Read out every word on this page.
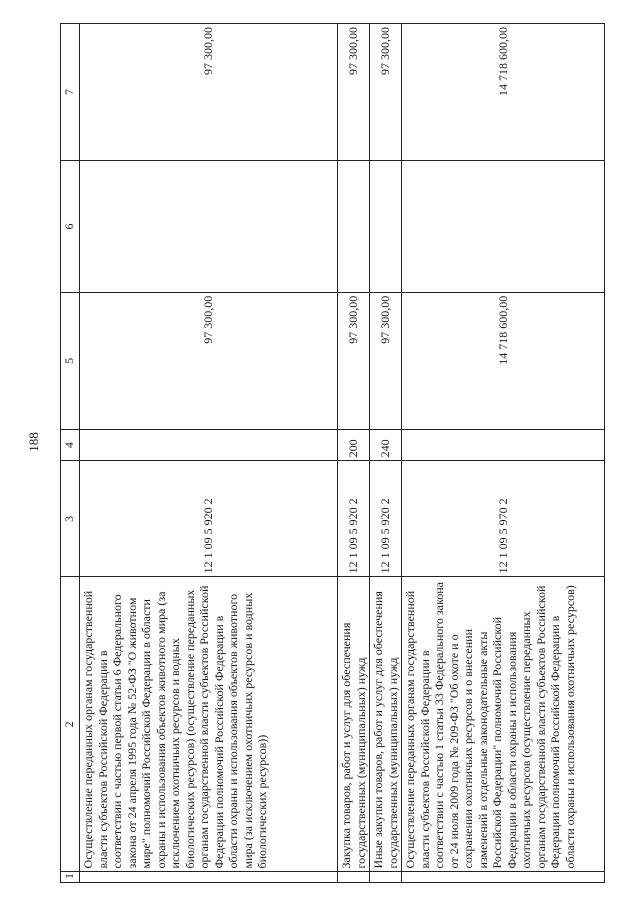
188
1	2	3	4	5	6	7
	Осуществление переданных органам государственной власти субъектов Российской Федерации в соответствии с частью первой статьи 6 Федерального закона от 24 апреля 1995 года № 52-ФЗ "О животном мире" полномочий Российской Федерации в области охраны и использования объектов животного мира (за исключением охотничьих ресурсов и водных биологических ресурсов) (осуществление переданных органам государственной власти субъектов Российской Федерации полномочий Российской Федерации в области охраны и использования объектов животного мира (за исключением охотничьих ресурсов и водных биологических ресурсов))	12 1 09 5 920 2		97 300,00		97 300,00
	Закупка товаров, работ и услуг для обеспечения государственных (муниципальных) нужд	12 1 09 5 920 2	200	97 300,00		97 300,00
	Иные закупки товаров, работ и услуг для обеспечения государственных (муниципальных) нужд	12 1 09 5 920 2	240	97 300,00		97 300,00
	Осуществление переданных органам государственной власти субъектов Российской Федерации в соответствии с частью 1 статьи 33 Федерального закона от 24 июля 2009 года № 209-ФЗ "Об охоте и о сохранении охотничьих ресурсов и о внесении изменений в отдельные законодательные акты Российской Федерации" полномочий Российской Федерации в области охраны и использования охотничьих ресурсов (осуществление переданных органам государственной власти субъектов Российской Федерации полномочий Российской Федерации в области охраны и использования охотничьих ресурсов)	12 1 09 5 970 2		14 718 600,00		14 718 600,00
